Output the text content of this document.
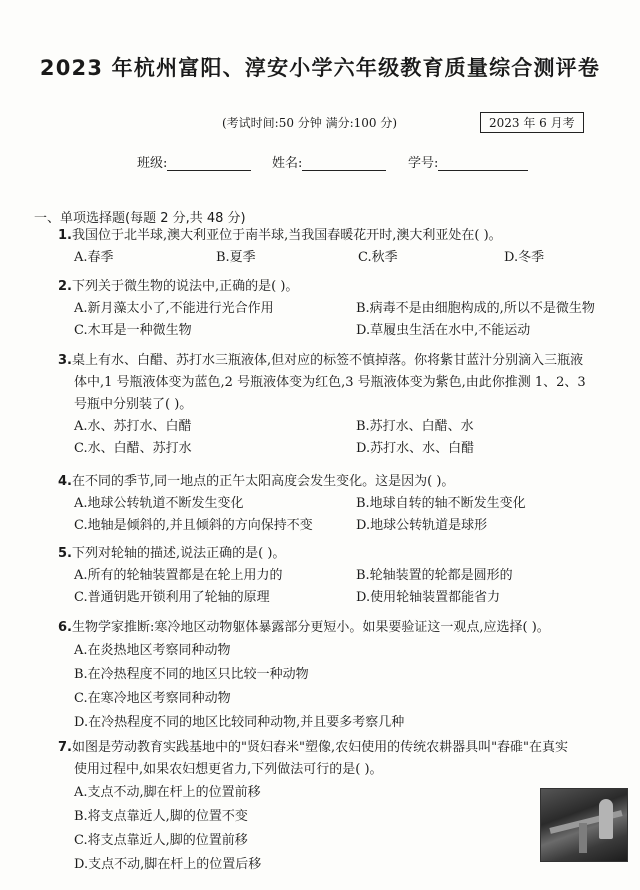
2023 年杭州富阳、淳安小学六年级教育质量综合测评卷
(考试时间:50 分钟 满分:100 分)	2023 年 6 月考
班级:	姓名:	学号:
一、单项选择题(每题 2 分,共 48 分)
1.我国位于北半球,澳大利亚位于南半球,当我国春暖花开时,澳大利亚处在( )。
A.春季	B.夏季	C.秋季	D.冬季
2.下列关于微生物的说法中,正确的是( )。
A.新月藻太小了,不能进行光合作用	B.病毒不是由细胞构成的,所以不是微生物
C.木耳是一种微生物	D.草履虫生活在水中,不能运动
3.桌上有水、白醋、苏打水三瓶液体,但对应的标签不慎掉落。你将紫甘蓝汁分别滴入三瓶液
体中,1 号瓶液体变为蓝色,2 号瓶液体变为红色,3 号瓶液体变为紫色,由此你推测 1、2、3
号瓶中分别装了( )。
A.水、苏打水、白醋	B.苏打水、白醋、水
C.水、白醋、苏打水	D.苏打水、水、白醋
4.在不同的季节,同一地点的正午太阳高度会发生变化。这是因为( )。
A.地球公转轨道不断发生变化	B.地球自转的轴不断发生变化
C.地轴是倾斜的,并且倾斜的方向保持不变	D.地球公转轨道是球形
5.下列对轮轴的描述,说法正确的是( )。
A.所有的轮轴装置都是在轮上用力的	B.轮轴装置的轮都是圆形的
C.普通钥匙开锁利用了轮轴的原理	D.使用轮轴装置都能省力
6.生物学家推断:寒冷地区动物躯体暴露部分更短小。如果要验证这一观点,应选择( )。
A.在炎热地区考察同种动物
B.在冷热程度不同的地区只比较一种动物
C.在寒冷地区考察同种动物
D.在冷热程度不同的地区比较同种动物,并且要多考察几种
7.如图是劳动教育实践基地中的"贤妇舂米"塑像,农妇使用的传统农耕器具叫"舂碓"在真实
使用过程中,如果农妇想更省力,下列做法可行的是( )。
A.支点不动,脚在杆上的位置前移
B.将支点靠近人,脚的位置不变
C.将支点靠近人,脚的位置前移
D.支点不动,脚在杆上的位置后移
